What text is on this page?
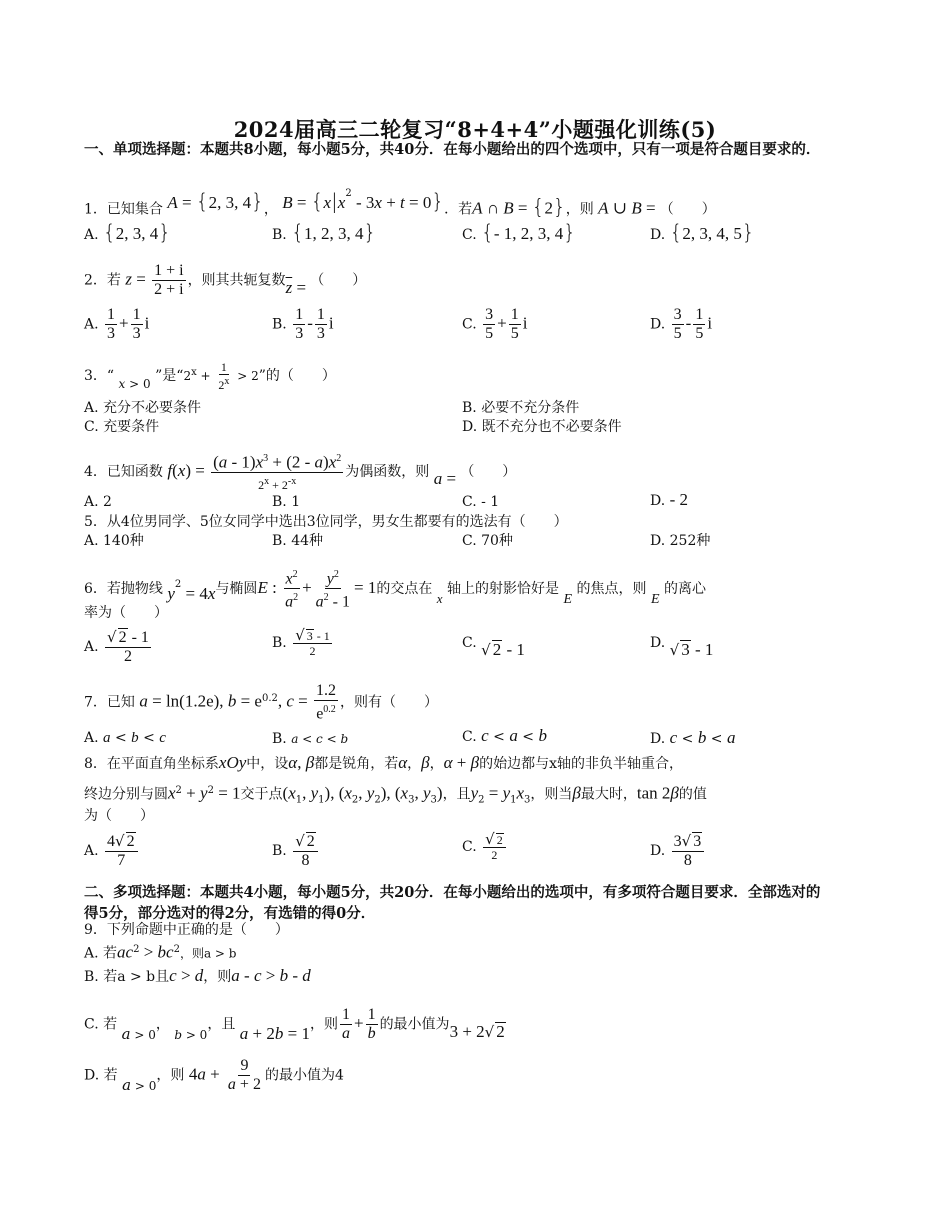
2024届高三二轮复习“8+4+4”小题强化训练(5)
一、单项选择题：本题共8小题，每小题5分，共40分．在每小题给出的四个选项中，只有一项是符合题目要求的．
1．已知集合 A = {2, 3, 4}， $B = \{x|x^2 - 3x + t = 0\}$．若A ∩ B = {2}，则 A ∪ B = （　　）
A. {2, 3, 4}	B. {1, 2, 3, 4}	C. {- 1, 2, 3, 4}	D. {2, 3, 4, 5}
2．若 $z = \frac{1 + i}{2 + i}$ ，则其共轭复数$\overline{z}$ = （　　）
A. $\frac{1}{3} + \frac{1}{3}$ i	B. $\frac{1}{3} - \frac{1}{3}$ i	C. $\frac{3}{5} + \frac{1}{5}$ i	D. $\frac{3}{5} - \frac{1}{5}$ i
3．“ x > 0 ”是“$2^x + \frac{1}{2^x} > 2$”的（　　）
A. 充分不必要条件	B. 必要不充分条件
C. 充要条件	D. 既不充分也不必要条件
4．已知函数 $f(x) = (a - 1)x^3 + (2 - a)x^2$
$2^x + 2^{-x}$
为偶函数，则 a = （　　）
A. 2	B. 1	C. - 1	D. - 2
5．从4位男同学、5位女同学中选出3位同学，男女生都要有的选法有（　　）
A. 140种	B. 44种	C. 70种	D. 252种
6．若抛物线 $y^2 = 4x$与椭圆E : $\frac{x^2}{a^2} + \frac{y^2}{a^2 - 1} = 1$的交点在 x 轴上的射影恰好是 E 的焦点，则 E 的离心
率为（　　）
A. $\frac{√ 2 - 1}{2}$	B. $\frac{√ 3 - 1}{2}$	C. √ 2 - 1	D. √ 3 - 1
7．已知 a = ln(1.2e), $b = e^{0.2}$, $c = \frac{1.2}{e^{0.2}}$ ，则有（　　）
A. a < b < c	B. a < c < b	C. c < a < b	D. c < b < a
8．在平面直角坐标系xOy中，设α, β都是锐角，若α，β，α + β的始边都与x轴的非负半轴重合，
终边分别与圆$x^2 + y^2 = 1$交于点($x_1$, $y_1$), ($x_2$, $y_2$), ($x_3$, $y_3$)，且$y_2 = y_1x_3$，则当β最大时，tan 2β的值
为（　　）
A. $\frac{4√ 2}{7}$	B. $\frac{√ 2}{8}$	C. $\frac{√ 2}{2}$	D. $\frac{3√ 3}{8}$
二、多项选择题：本题共4小题，每小题5分，共20分．在每小题给出的选项中，有多项符合题目要求．全部选对的得5分，部分选对的得2分，有选错的得0分．
9．下列命题中正确的是（　　）
A. 若$ac^2 > bc^2$，则a > b
B. 若a > b且c > d，则a - c > b - d
C. 若 a > 0， b > 0，且 a + 2b = 1，则 $\frac{1}{a} + \frac{1}{b}$ 的最小值为3 + 2√ 2
D. 若 a > 0，则 $4a + \frac{9}{a + 2}$ 的最小值为4
